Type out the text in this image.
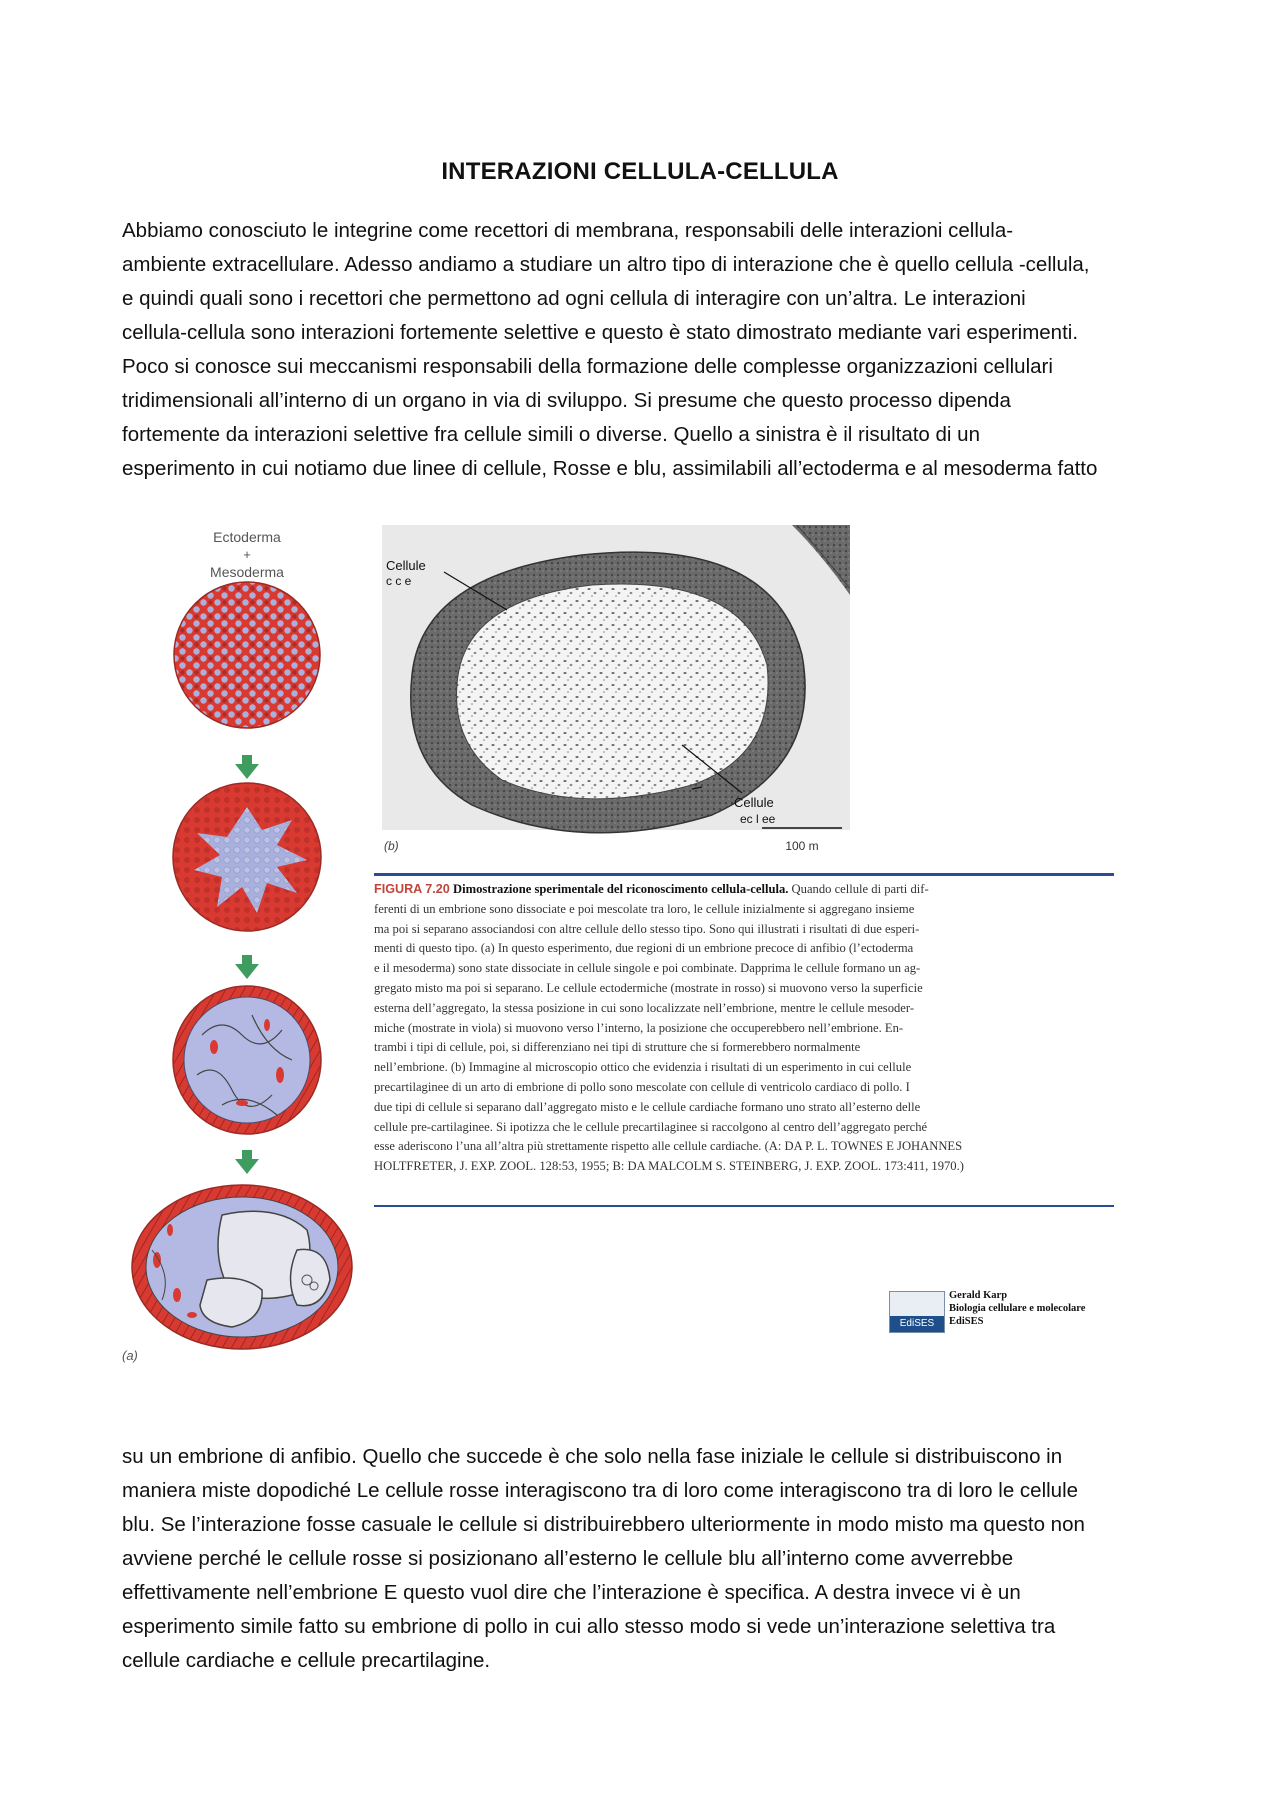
INTERAZIONI CELLULA-CELLULA
Abbiamo conosciuto le integrine come recettori di membrana, responsabili delle interazioni cellula-
ambiente extracellulare. Adesso andiamo a studiare un altro tipo di interazione che è quello cellula -cellula,
e quindi quali sono i recettori che permettono ad ogni cellula di interagire con un’altra. Le interazioni
cellula-cellula sono interazioni fortemente selettive e questo è stato dimostrato mediante vari esperimenti.
Poco si conosce sui meccanismi responsabili della formazione delle complesse organizzazioni cellulari
tridimensionali all’interno di un organo in via di sviluppo. Si presume che questo processo dipenda
fortemente da interazioni selettive fra cellule simili o diverse. Quello a sinistra è il risultato di un
esperimento in cui notiamo due linee di cellule, Rosse e blu, assimilabili all’ectoderma e al mesoderma fatto
Ectoderma
+
Mesoderma
(a)
Cellule
c c e
Cellule
ec l ee
(b)	100 m
FIGURA 7.20 Dimostrazione sperimentale del riconoscimento cellula-cellula. Quando cellule di parti dif-
ferenti di un embrione sono dissociate e poi mescolate tra loro, le cellule inizialmente si aggregano insieme
ma poi si separano associandosi con altre cellule dello stesso tipo. Sono qui illustrati i risultati di due esperi-
menti di questo tipo. (a) In questo esperimento, due regioni di un embrione precoce di anfibio (l’ectoderma
e il mesoderma) sono state dissociate in cellule singole e poi combinate. Dapprima le cellule formano un ag-
gregato misto ma poi si separano. Le cellule ectodermiche (mostrate in rosso) si muovono verso la superficie
esterna dell’aggregato, la stessa posizione in cui sono localizzate nell’embrione, mentre le cellule mesoder-
miche (mostrate in viola) si muovono verso l’interno, la posizione che occuperebbero nell’embrione. En-
trambi i tipi di cellule, poi, si differenziano nei tipi di strutture che si formerebbero normalmente
nell’embrione. (b) Immagine al microscopio ottico che evidenzia i risultati di un esperimento in cui cellule
precartilaginee di un arto di embrione di pollo sono mescolate con cellule di ventricolo cardiaco di pollo. I
due tipi di cellule si separano dall’aggregato misto e le cellule cardiache formano uno strato all’esterno delle
cellule pre-cartilaginee. Si ipotizza che le cellule precartilaginee si raccolgono al centro dell’aggregato perché
esse aderiscono l’una all’altra più strettamente rispetto alle cellule cardiache. (A: DA P. L. TOWNES E JOHANNES
HOLTFRETER, J. EXP. ZOOL. 128:53, 1955; B: DA MALCOLM S. STEINBERG, J. EXP. ZOOL. 173:411, 1970.)
EdiSES
Gerald Karp
Biologia cellulare e molecolare
EdiSES
su un embrione di anfibio. Quello che succede è che solo nella fase iniziale le cellule si distribuiscono in
maniera miste dopodiché Le cellule rosse interagiscono tra di loro come interagiscono tra di loro le cellule
blu. Se l’interazione fosse casuale le cellule si distribuirebbero ulteriormente in modo misto ma questo non
avviene perché le cellule rosse si posizionano all’esterno le cellule blu all’interno come avverrebbe
effettivamente nell’embrione E questo vuol dire che l’interazione è specifica. A destra invece vi è un
esperimento simile fatto su embrione di pollo in cui allo stesso modo si vede un’interazione selettiva tra
cellule cardiache e cellule precartilagine.
